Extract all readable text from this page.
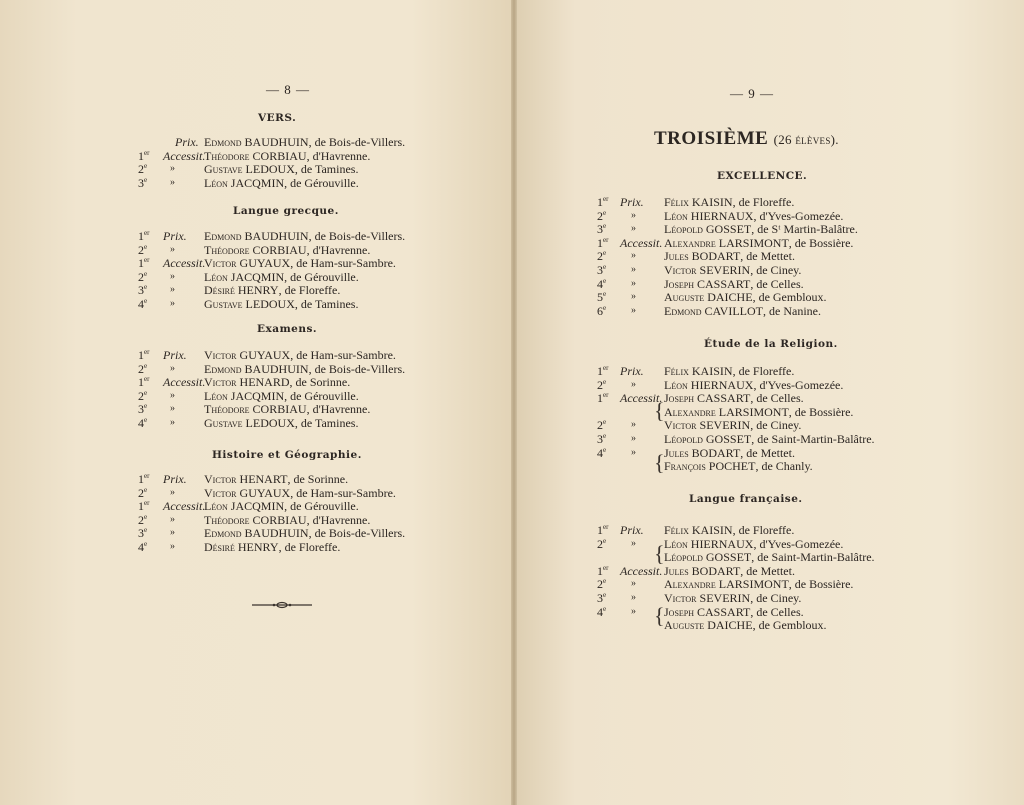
— 8 —	— 9 —
TROISIÈME (26 élèves).
VERS.
Prix. Edmond BAUDHUIN, de Bois-de-Villers.
1er Accessit.
Théodore CORBIAU, d'Havrenne.
2e » Gustave LEDOUX, de Tamines.
3e » Léon JACQMIN, de Gérouville.
Langue grecque.
1er Prix. Edmond BAUDHUIN, de Bois-de-Villers.
2e » Théodore CORBIAU, d'Havrenne.
1er Accessit.
Victor GUYAUX, de Ham-sur-Sambre.
2e » Léon JACQMIN, de Gérouville.
3e » Désiré HENRY, de Floreffe.
4e » Gustave LEDOUX, de Tamines.
Examens.
1er Prix. Victor GUYAUX, de Ham-sur-Sambre.
2e » Edmond BAUDHUIN, de Bois-de-Villers.
1er Accessit.
Victor HENARD, de Sorinne.
2e » Léon JACQMIN, de Gérouville.
3e » Théodore CORBIAU, d'Havrenne.
4e » Gustave LEDOUX, de Tamines.
Histoire et Géographie.
1er Prix. Victor HENART, de Sorinne.
2e » Victor GUYAUX, de Ham-sur-Sambre.
1er Accessit.
Léon JACQMIN, de Gérouville.
2e » Théodore CORBIAU, d'Havrenne.
3e » Edmond BAUDHUIN, de Bois-de-Villers.
4e » Désiré HENRY, de Floreffe.
EXCELLENCE.
1er Prix. Félix KAISIN, de Floreffe.
2e » Léon HIERNAUX, d'Yves-Gomezée.
3e » Léopold GOSSET, de Sᵗ Martin-Balâtre.
1er Accessit. Alexandre LARSIMONT, de Bossière.
2e » Jules BODART, de Mettet.
3e » Victor SEVERIN, de Ciney.
4e » Joseph CASSART, de Celles.
5e » Auguste DAICHE, de Gembloux.
6e » Edmond CAVILLOT, de Nanine.
Étude de la Religion.
1er Prix. Félix KAISIN, de Floreffe.
2e » Léon HIERNAUX, d'Yves-Gomezée.
1er Accessit. Joseph CASSART, de Celles.
Alexandre LARSIMONT, de Bossière.
2e » Victor SEVERIN, de Ciney.
3e » Léopold GOSSET, de Saint-Martin-Balâtre.
4e » Jules BODART, de Mettet.
François POCHET, de Chanly.
Langue française.
1er Prix. Félix KAISIN, de Floreffe.
2e » Léon HIERNAUX, d'Yves-Gomezée.
Léopold GOSSET, de Saint-Martin-Balâtre.
1er Accessit. Jules BODART, de Mettet.
2e » Alexandre LARSIMONT, de Bossière.
3e » Victor SEVERIN, de Ciney.
4e » Joseph CASSART, de Celles.
Auguste DAICHE, de Gembloux.
{
{
{
{
